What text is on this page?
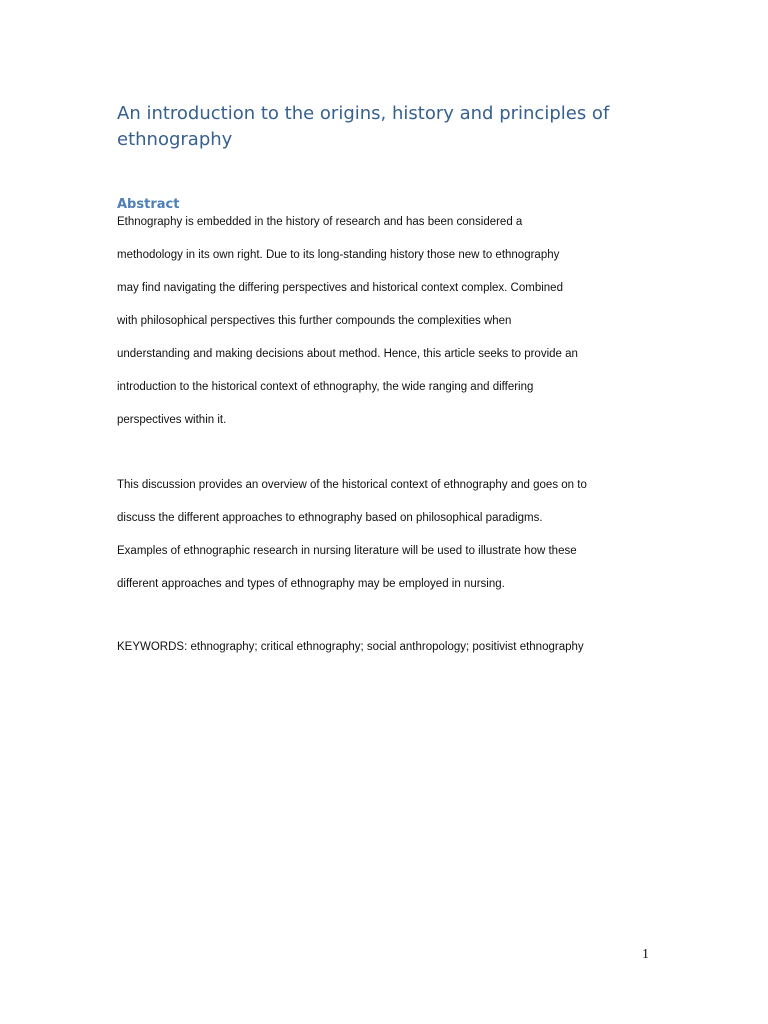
An introduction to the origins, history and principles of ethnography
Abstract

Ethnography is embedded in the history of research and has been considered a
methodology in its own right. Due to its long-standing history those new to ethnography
may find navigating the differing perspectives and historical context complex. Combined
with philosophical perspectives this further compounds the complexities when
understanding and making decisions about method. Hence, this article seeks to provide an
introduction to the historical context of ethnography, the wide ranging and differing
perspectives within it.

This discussion provides an overview of the historical context of ethnography and goes on to
discuss the different approaches to ethnography based on philosophical paradigms.
Examples of ethnographic research in nursing literature will be used to illustrate how these
different approaches and types of ethnography may be employed in nursing.

KEYWORDS: ethnography; critical ethnography; social anthropology; positivist ethnography

1
